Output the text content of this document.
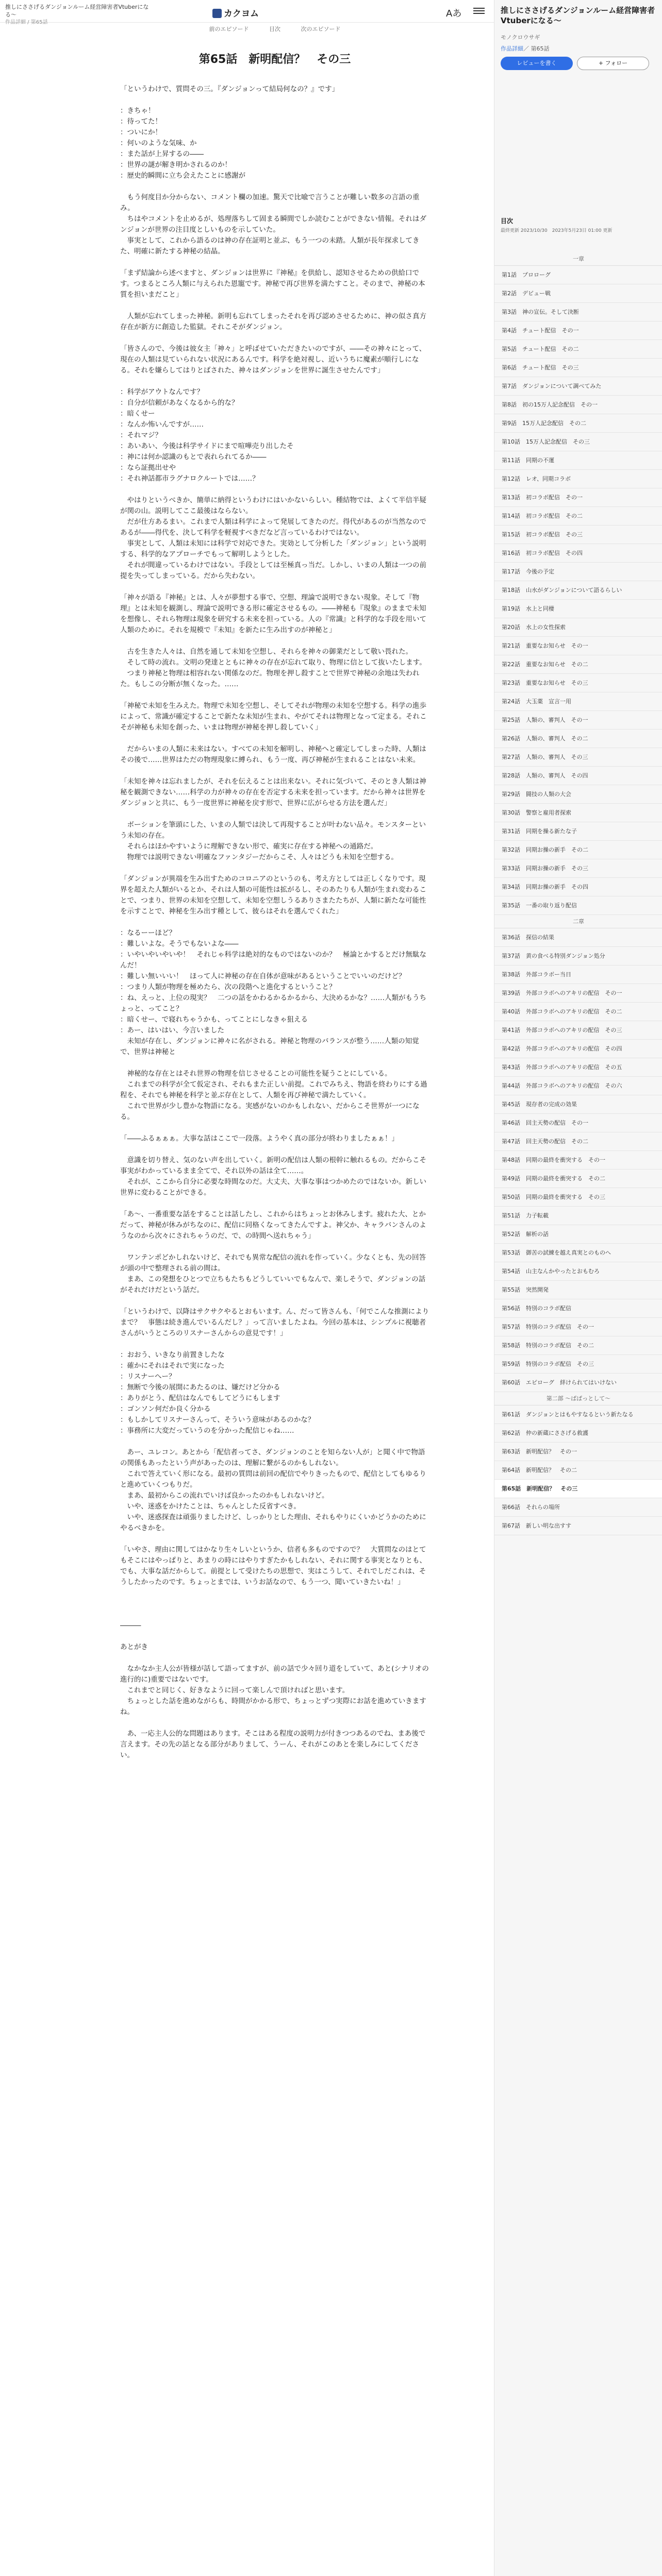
推しにささげるダンジョンルーム経営障害者Vtuberになる〜
作品詳細 / 第65話
カクヨム	Aあ
前のエピソード	目次	次のエピソード
第65話　新明配信？　その三

「というわけで、質問その三。『ダンジョンって結局何なの？』です」

：きちゃ！

：待ってた！

：ついにか！

：何いのような気味、か

：また話が上昇するの――

：世界の謎が解き明かされるのか！

：歴史的瞬間に立ち会えたことに感謝が

　もう何度目か分からない、コメント欄の加速。驚天で比喩で言うことが難しい数多の言語の重み。

　ちはやコメントを止めるが、処理落ちして固まる瞬間でしか読むことができない情報。それはダンジョンが世界の注目度としいものを示していた。

　事実として、これから語るのは神の存在証明と並ぶ、もう一つの未踏。人類が長年探求してきた、明確に新たする神秘の結晶。

「まず結論から述べますと、ダンジョンは世界に『神秘』を供給し、認知させるための供給口です。つまるところ人類に与えられた恩寵です。神秘で再び世界を満たすこと。そのまで、神秘の本質を担いまだこと」

　人類が忘れてしまった神秘。新明も忘れてしまったそれを再び認めさせるために、神の似さ真方存在が新方に創造した監獄。それこそがダンジョン。

「皆さんので、今後は彼女主「神々」と呼ばせていただきたいのですが、――その神々にとって、現在の人類は見ていられない状況にあるんです。科学を絶対視し、近いうちに魔素が順行しになる。それを嫌らしてはりとばされた、神々はダンジョンを世界に誕生させたんです」

：科学がアウトなんです？

：自分が信頼があなくなるから的な？

：暗くせー

：なんか怖いんですが……

：それマジ？

：あいあい、今後は科学サイドにまで喧嘩売り出したそ

：神には何か認識のもとで表れられてるか――

：なら証拠出せや

：それ神話都市ラグナロクルートでは……？

　やはりというべきか、簡単に納得というわけにはいかないらしい。種結物では、よくて半信半疑が関の山。説明してここ最後はならない。

　だが仕方あるまい。これまで人類は科学によって発展してきたのだ。得代があるのが当然なのであるが――得代を、決して科学を軽視すべきだなど言っているわけではない。

　事実として、人類は未知には科学で対応できた。実効として分析した「ダンジョン」という説明する、科学的なアプローチでもって解明しようとした。

　それが間違っているわけではない。手段としては至極真っ当だ。しかし、いまの人類は一つの前提を失ってしまっている。だから失わない。

「神々が語る『神秘』とは、人々が夢想する事で、空想、理論で説明できない現象。そして『物理』とは未知を観測し、理論で説明できる形に確定させるもの。――神秘も『現象』のままで未知を想像し、それら物理は現象を研究する未来を担っている。人の『常識』と科学的な手段を用いて人類のために。それを規模で『未知』を新たに生み出すのが神秘と」

　古を生きた人々は、自然を通して未知を空想し、それらを神々の御業だとして敬い畏れた。

　そして時の流れ。文明の発達とともに神々の存在が忘れて取り、物理に信として抜いたします。

　つまり神秘と物理は相容れない関係なのだ。物理を押し殺すことで世界で神秘の余地は失われた。もしこの分断が無くなった。……

「神秘で未知を生みえた。物理で未知を空想し、そしてそれが物理の未知を空想する。科学の進歩によって、常識が確定することで新たな未知が生まれ、やがてそれは物理となって定まる。それこそが神秘も未知を創った、いまは物理が神秘を押し殺していく」

　だからいまの人類に未来はない。すべての未知を解明し、神秘へと確定してしまった時、人類はその後で……世界はただの物理現象に縛られ、もう一度、再び神秘が生まれることはない未来。

「未知を神々は忘れましたが、それを伝えることは出来ない。それに気づいて、そのとき人類は神秘を観測できない……科学の力が神々の存在を否定する未来を担っています。だから神々は世界をダンジョンと共に、もう一度世界に神秘を戻す形で、世界に広がらせる方法を選んだ」

　ボーションを筆頭にした、いまの人類では決して再現することが叶わない品々。モンスターという未知の存在。

　それらはほかやすいように理解できない形で、確実に存在する神秘への通路だ。

　物理では説明できない明確なファンタジーだからこそ、人々はどうも未知を空想する。

「ダンジョンが異端を生み出すためのコロニアのというのも、考え方としては正しくなりです。現界を超えた人類がいるとか、それは人類の可能性は拡がるし、そのあたりも人類が生まれ変わることで、つまり、世界の未知を空想して、未知を空想しうるありさまたたちが、人類に新たな可能性を示すことで、神秘を生み出す種として、彼らはそれを選んでくれた」

：なるーーほど？

：難しいよな。そうでもないよな――

：いやいやいやいや！　それじゃ科学は絶対的なものではないのか？　極論とかするとだけ無駄なんだ！

：難しい無いいい！　ほって人に神秘の存在自体が意味があるということでいいのだけど？

：つまり人類が物理を極めたら、次の段階へと進化するということ？

：ね、えっと、上位の現実？　二つの話をかわるかるかるから、大決めるかな？……人類がもうちょっと、ってこと？

：暗くせー、で寝れちゃうかも、ってことにしなきゃ狙える

：あー、はいはい、今言いました

　未知が存在し、ダンジョンに神々に名がされる。神秘と物理のバランスが整う……人類の知覚で、世界は神秘と

　神秘的な存在とはそれ世界の物理を信じさせることの可能性を疑うことにしている。

　これまでの科学が全て仮定され、それもまた正しい前提。これでみちえ、物語を終わりにする過程を、それでも神秘を科学と並ぶ存在として、人類を再び神秘で満たしていく。

　これで世界が少し豊かな物語になる。実感がないのかもしれない、だからこそ世界が一つになる。

「――ふるぁぁぁ。大事な話はここで一段落。ようやく真の部分が終わりましたぁぁ！」

　意識を切り替え、気のない声を出していく。新明の配信は人類の根幹に触れるもの。だからこそ事実がわかっているまま全てで、それ以外の話は全て……。

　それが、ここから自分に必要な時間なのだ。大丈夫、大事な事はつかめたのではないか。新しい世界に変わることができる。

「あ～、一番重要な話をすることは話したし、これからはちょっとお休みします。疲れた大、とかだって、神秘が休みがちなのに、配信に同格くなってきたんですよ。神父か、キャラバンさんのようなのから次々にされちゃうのだ、で、の時間へ送れちゃう」

　ワンテンポどかしれないけど、それでも異常な配信の流れを作っていく。少なくとも、先の回答が頭の中で整理される前の間は。

　まあ、この発想をひとつで立ちもたちもどうしていいでもなんで、楽しそうで、ダンジョンの話がそれだけだという話だ。

「というわけで、以降はサクサクやるとおもいます。ん、だって皆さんも、「何でこんな推測によりまで？　事態は続き進んでいるんだし？」って言いましたよね。今回の基本は、シンプルに視聴者さんがいうところのリスナーさんからの意見です！」

：おおう、いきなり前置きしたな

：確かにそれはそれで実になった

：リスナーへー？

：無断で今後の展開にあたるのは、嫌だけど分かる

：ありがとう、配信はなんでもしてどうにもします

：ゴンソン何だか良く分かる

：もしかしてリスナーさんって、そういう意味があるのかな？

：事務所に大変だっていうのを分かった配信じゃね……

　あー、ユレコン。あとから「配信者ってさ、ダンジョンのことを知らない人が」と聞く中で物語の関係もあったという声があったのは、理解に繋がるのかもしれない。

　これで答えていく形になる。最初の質問は前回の配信でやりきったもので、配信としてもゆるりと進めていくつもりだ。

　まあ、最初からこの流れでいけば良かったのかもしれないけど。

　いや、迷惑をかけたことは、ちゃんとした反省すべき。

　いや、迷惑探査は頑張りましたけど、しっかりとした理由、それもやりにくいかどうかのためにやるべきかを。

「いやさ、理由に関してはかなり生々しいというか、信者も多ものですので？　大質問なのはとてもそこにはやっぱりと、あまりの時にはやりすぎたかもしれない、それに関する事実となりとも、でも、大事な話だからして。前提として受けたちの思想で、実はこうして、それでしだこれは、そうしたかったのです。ちょっとまでは、いうお話なので、もう一つ、聞いていきたいね！」

―――

あとがき

　なかなか主人公が皆様が話して語ってますが、前の話で少々回り道をしていて、あと(シナリオの進行的に)重要ではないです。

　これまでと同じく、好きなように回って楽しんで頂ければと思います。

　ちょっとした話を進めながらも、時間がかかる形で、ちょっとずつ実際にお話を進めていきますね。

　あ、一応主人公的な問題はあります。そこはある程度の説明力が付きつつあるのでね、まあ後で言えます。その先の話となる部分がありまして、うーん、それがこのあとを楽しみにしてください。

推しにささげるダンジョンルーム経営障害者Vtuberになる〜
モノクロウサギ
作品詳細／ 第65話
レビューを書く	+ フォロー
目次
最終更新 2023/10/30　2023年5月23日 01:00 更新
一章
第1話　プロローグ
第2話　デビュー戦
第3話　神の宣伝。そして決断
第4話　チュート配信　その一
第5話　チュート配信　その二
第6話　チュート配信　その三
第7話　ダンジョンについて調べてみた
第8話　初の15万人記念配信　その一
第9話　15万人記念配信　その二
第10話　15万人記念配信　その三
第11話　同期の不運
第12話　レオ、同期コラボ
第13話　初コラボ配信　その一
第14話　初コラボ配信　その二
第15話　初コラボ配信　その三
第16話　初コラボ配信　その四
第17話　今後の予定
第18話　山水がダンジョンについて語るらしい
第19話　水上と同棲
第20話　水上の女性探索
第21話　重要なお知らせ　その一
第22話　重要なお知らせ　その二
第23話　重要なお知らせ　その三
第24話　大玉薬　宣言一用
第25話　人類の、審判人　その一
第26話　人類の、審判人　その二
第27話　人類の、審判人　その三
第28話　人類の、審判人　その四
第29話　闘技の人類の大会
第30話　警察と雇用者探索
第31話　同期を操る新たな子
第32話　同期お操の新手　その二
第33話　同期お操の新手　その三
第34話　同期お操の新手　その四
第35話　一番の取り返り配信
二章
第36話　探信の結果
第37話　黄の食べる特別ダンジョン処分
第38話　外部コラボー当日
第39話　外部コラボへのアキリの配信　その一
第40話　外部コラボへのアキリの配信　その二
第41話　外部コラボへのアキリの配信　その三
第42話　外部コラボへのアキリの配信　その四
第43話　外部コラボへのアキリの配信　その五
第44話　外部コラボへのアキリの配信　その六
第45話　現存者の完成の効果
第46話　回主天勢の配信　その一
第47話　回主天勢の配信　その二
第48話　同期の最終を衝突する　その一
第49話　同期の最終を衝突する　その二
第50話　同期の最終を衝突する　その三
第51話　力子転載
第52話　解析の話
第53話　御苦の試練を越え真実とのものへ
第54話　山主なんかやったとおもむろ
第55話　突然開発
第56話　特別のコラボ配信
第57話　特別のコラボ配信　その一
第58話　特別のコラボ配信　その二
第59話　特別のコラボ配信　その三
第60話　エピローグ　絆けられてはいけない
第二部 〜ぱぱっとして〜
第61話　ダンジョンとはもやすなるという新たなる
第62話　仲の新蔵にささげる救護
第63話　新明配信？　その一
第64話　新明配信？　その二
第65話　新明配信？　その三
第66話　それらの場所
第67話　新しい明な出すす
